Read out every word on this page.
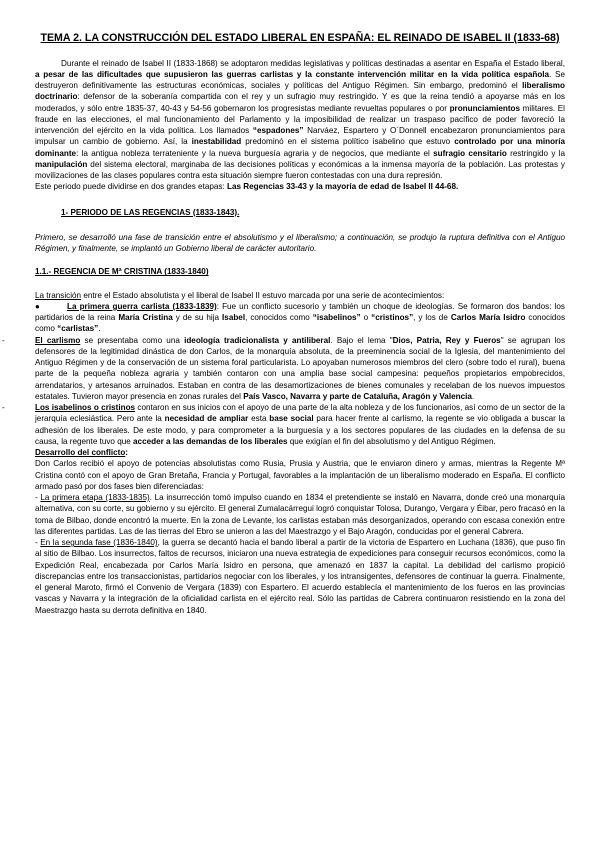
TEMA 2. LA CONSTRUCCIÓN DEL ESTADO LIBERAL EN ESPAÑA: EL REINADO DE ISABEL II (1833-68)

Durante el reinado de Isabel II (1833-1868) se adoptaron medidas legislativas y políticas destinadas a asentar en España el Estado liberal, a pesar de las dificultades que supusieron las guerras carlistas y la constante intervención militar en la vida política española. Se destruyeron definitivamente las estructuras económicas, sociales y políticas del Antiguo Régimen. Sin embargo, predominó el liberalismo doctrinario: defensor de la soberanía compartida con el rey y un sufragio muy restringido. Y es que la reina tendió a apoyarse más en los moderados, y sólo entre 1835-37, 40-43 y 54-56 gobernaron los progresistas mediante revueltas populares o por pronunciamientos militares. El fraude en las elecciones, el mal funcionamiento del Parlamento y la imposibilidad de realizar un traspaso pacífico de poder favoreció la intervención del ejército en la vida política. Los llamados “espadones” Narváez, Espartero y O´Donnell encabezaron pronunciamientos para impulsar un cambio de gobierno. Así, la inestabilidad predominó en el sistema político isabelino que estuvo controlado por una minoría dominante: la antigua nobleza terrateniente y la nueva burguesía agraria y de negocios, que mediante el sufragio censitario restringido y la manipulación del sistema electoral, marginaba de las decisiones políticas y económicas a la inmensa mayoría de la población. Las protestas y movilizaciones de las clases populares contra esta situación siempre fueron contestadas con una dura represión.

Este periodo puede dividirse en dos grandes etapas: Las Regencias 33-43 y la mayoría de edad de Isabel II 44-68.

1- PERIODO DE LAS REGENCIAS (1833-1843).

Primero, se desarrolló una fase de transición entre el absolutismo y el liberalismo; a continuación, se produjo la ruptura definitiva con el Antiguo Régimen, y finalmente, se implantó un Gobierno liberal de carácter autoritario.

1.1.- REGENCIA DE Mª CRISTINA (1833-1840)

La transición entre el Estado absolutista y el liberal de Isabel II estuvo marcada por una serie de acontecimientos:

●	La primera guerra carlista (1833-1839): Fue un conflicto sucesorio y también un choque de ideologías. Se formaron dos bandos: los partidarios de la reina María Cristina y de su hija Isabel, conocidos como “isabelinos” o “cristinos”, y los de Carlos María Isidro conocidos como “carlistas”.

-	El carlismo se presentaba como una ideología tradicionalista y antiliberal. Bajo el lema "Dios, Patria, Rey y Fueros" se agrupan los defensores de la legitimidad dinástica de don Carlos, de la monarquía absoluta, de la preeminencia social de la Iglesia, del mantenimiento del Antiguo Régimen y de la conservación de un sistema foral particularista. Lo apoyaban numerosos miembros del clero (sobre todo el rural), buena parte de la pequeña nobleza agraria y también contaron con una amplia base social campesina: pequeños propietarios empobrecidos, arrendatarios, y artesanos arruinados. Estaban en contra de las desamortizaciones de bienes comunales y recelaban de los nuevos impuestos estatales. Tuvieron mayor presencia en zonas rurales del País Vasco, Navarra y parte de Cataluña, Aragón y Valencia.

-	Los isabelinos o cristinos contaron en sus inicios con el apoyo de una parte de la alta nobleza y de los funcionarios, así como de un sector de la jerarquía eclesiástica. Pero ante la necesidad de ampliar esta base social para hacer frente al carlismo, la regente se vio obligada a buscar la adhesión de los liberales. De este modo, y para comprometer a la burguesía y a los sectores populares de las ciudades en la defensa de su causa, la regente tuvo que acceder a las demandas de los liberales que exigían el fin del absolutismo y del Antiguo Régimen.

Desarrollo del conflicto:

Don Carlos recibió el apoyo de potencias absolutistas como Rusia, Prusia y Austria, que le enviaron dinero y armas, mientras la Regente Mª Cristina contó con el apoyo de Gran Bretaña, Francia y Portugal, favorables a la implantación de un liberalismo moderado en España. El conflicto armado pasó por dos fases bien diferenciadas:

- La primera etapa (1833-1835). La insurrección tomó impulso cuando en 1834 el pretendiente se instaló en Navarra, donde creó una monarquía alternativa, con su corte, su gobierno y su ejército. El general Zumalacárregui logró conquistar Tolosa, Durango, Vergara y Éibar, pero fracasó en la toma de Bilbao, donde encontró la muerte. En la zona de Levante, los carlistas estaban más desorganizados, operando con escasa conexión entre las diferentes partidas. Las de las tierras del Ebro se unieron a las del Maestrazgo y el Bajo Aragón, conducidas por el general Cabrera.

- En la segunda fase (1836-1840), la guerra se decantó hacia el bando liberal a partir de la victoria de Espartero en Luchana (1836), que puso fin al sitio de Bilbao. Los insurrectos, faltos de recursos, iniciaron una nueva estrategia de expediciones para conseguir recursos económicos, como la Expedición Real, encabezada por Carlos María Isidro en persona, que amenazó en 1837 la capital. La debilidad del carlismo propició discrepancias entre los transaccionistas, partidarios negociar con los liberales, y los intransigentes, defensores de continuar la guerra. Finalmente, el general Maroto, firmó el Convenio de Vergara (1839) con Espartero. El acuerdo establecía el mantenimiento de los fueros en las provincias vascas y Navarra y la integración de la oficialidad carlista en el ejército real. Sólo las partidas de Cabrera continuaron resistiendo en la zona del Maestrazgo hasta su derrota definitiva en 1840.
